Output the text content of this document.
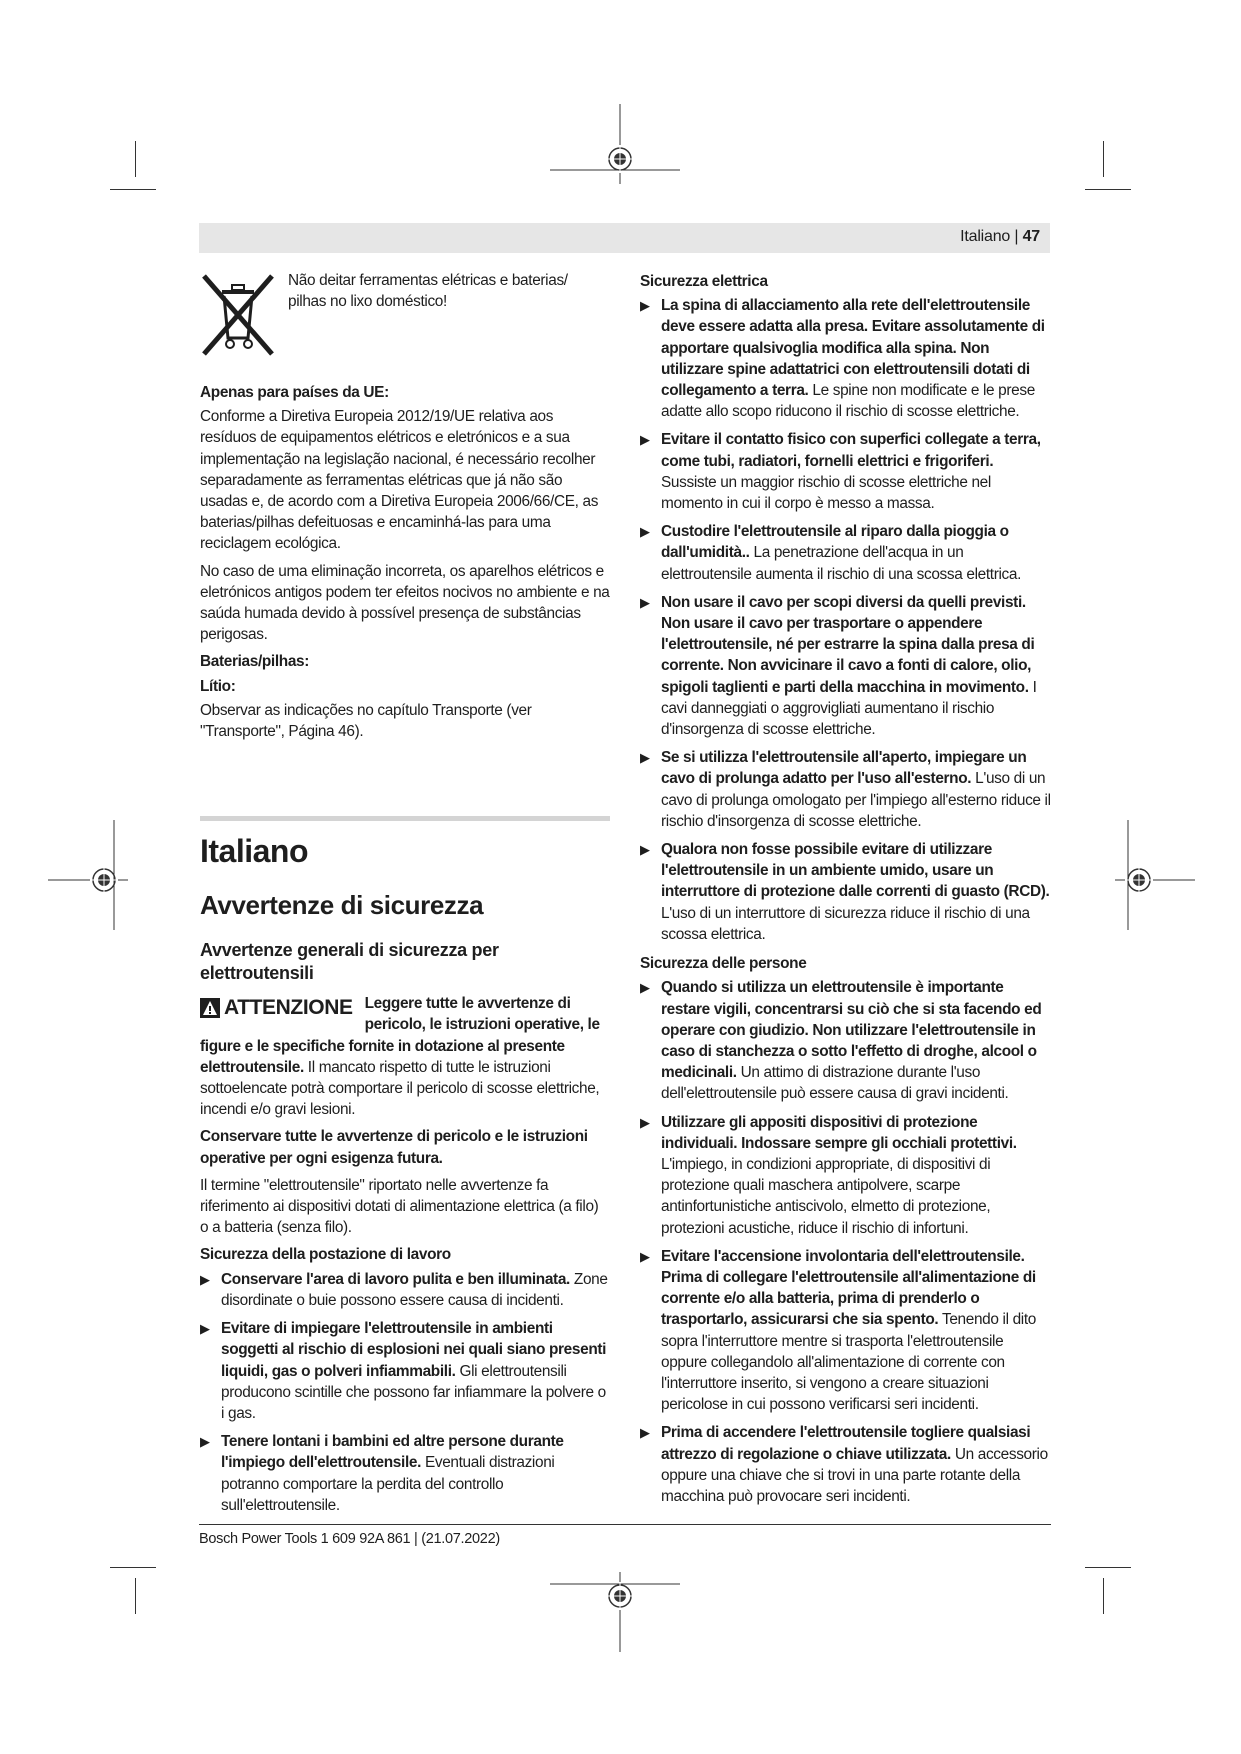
Italiano | 47
Não deitar ferramentas elétricas e baterias/ pilhas no lixo doméstico!

Apenas para países da UE:

Conforme a Diretiva Europeia 2012/19/UE relativa aos resíduos de equipamentos elétricos e eletrónicos e a sua implementação na legislação nacional, é necessário recolher separadamente as ferramentas elétricas que já não são usadas e, de acordo com a Diretiva Europeia 2006/66/CE, as baterias/pilhas defeituosas e encaminhá-las para uma reciclagem ecológica.

No caso de uma eliminação incorreta, os aparelhos elétricos e eletrónicos antigos podem ter efeitos nocivos no ambiente e na saúda humada devido à possível presença de substâncias perigosas.

Baterias/pilhas:

Lítio:

Observar as indicações no capítulo Transporte (ver "Transporte", Página 46).

Italiano
Avvertenze di sicurezza
Avvertenze generali di sicurezza per elettroutensili

ATTENZIONE Leggere tutte le avvertenze di pericolo, le istruzioni operative, le figure e le specifiche fornite in dotazione al presente elettroutensile. Il mancato rispetto di tutte le istruzioni sottoelencate potrà comportare il pericolo di scosse elettriche, incendi e/o gravi lesioni.

Conservare tutte le avvertenze di pericolo e le istruzioni operative per ogni esigenza futura.

Il termine "elettroutensile" riportato nelle avvertenze fa riferimento ai dispositivi dotati di alimentazione elettrica (a filo) o a batteria (senza filo).

Sicurezza della postazione di lavoro

▶ Conservare l'area di lavoro pulita e ben illuminata. Zone disordinate o buie possono essere causa di incidenti.
▶ Evitare di impiegare l'elettroutensile in ambienti soggetti al rischio di esplosioni nei quali siano presenti liquidi, gas o polveri infiammabili. Gli elettroutensili producono scintille che possono far infiammare la polvere o i gas.
▶ Tenere lontani i bambini ed altre persone durante l'impiego dell'elettroutensile. Eventuali distrazioni potranno comportare la perdita del controllo sull'elettroutensile.

Sicurezza elettrica

▶ La spina di allacciamento alla rete dell'elettroutensile deve essere adatta alla presa. Evitare assolutamente di apportare qualsivoglia modifica alla spina. Non utilizzare spine adattatrici con elettroutensili dotati di collegamento a terra. Le spine non modificate e le prese adatte allo scopo riducono il rischio di scosse elettriche.
▶ Evitare il contatto fisico con superfici collegate a terra, come tubi, radiatori, fornelli elettrici e frigoriferi. Sussiste un maggior rischio di scosse elettriche nel momento in cui il corpo è messo a massa.
▶ Custodire l'elettroutensile al riparo dalla pioggia o dall'umidità.. La penetrazione dell'acqua in un elettroutensile aumenta il rischio di una scossa elettrica.
▶ Non usare il cavo per scopi diversi da quelli previsti. Non usare il cavo per trasportare o appendere l'elettroutensile, né per estrarre la spina dalla presa di corrente. Non avvicinare il cavo a fonti di calore, olio, spigoli taglienti e parti della macchina in movimento. I cavi danneggiati o aggrovigliati aumentano il rischio d'insorgenza di scosse elettriche.
▶ Se si utilizza l'elettroutensile all'aperto, impiegare un cavo di prolunga adatto per l'uso all'esterno. L'uso di un cavo di prolunga omologato per l'impiego all'esterno riduce il rischio d'insorgenza di scosse elettriche.
▶ Qualora non fosse possibile evitare di utilizzare l'elettroutensile in un ambiente umido, usare un interruttore di protezione dalle correnti di guasto (RCD). L'uso di un interruttore di sicurezza riduce il rischio di una scossa elettrica.

Sicurezza delle persone

▶ Quando si utilizza un elettroutensile è importante restare vigili, concentrarsi su ciò che si sta facendo ed operare con giudizio. Non utilizzare l'elettroutensile in caso di stanchezza o sotto l'effetto di droghe, alcool o medicinali. Un attimo di distrazione durante l'uso dell'elettroutensile può essere causa di gravi incidenti.
▶ Utilizzare gli appositi dispositivi di protezione individuali. Indossare sempre gli occhiali protettivi. L'impiego, in condizioni appropriate, di dispositivi di protezione quali maschera antipolvere, scarpe antinfortunistiche antiscivolo, elmetto di protezione, protezioni acustiche, riduce il rischio di infortuni.
▶ Evitare l'accensione involontaria dell'elettroutensile. Prima di collegare l'elettroutensile all'alimentazione di corrente e/o alla batteria, prima di prenderlo o trasportarlo, assicurarsi che sia spento. Tenendo il dito sopra l'interruttore mentre si trasporta l'elettroutensile oppure collegandolo all'alimentazione di corrente con l'interruttore inserito, si vengono a creare situazioni pericolose in cui possono verificarsi seri incidenti.
▶ Prima di accendere l'elettroutensile togliere qualsiasi attrezzo di regolazione o chiave utilizzata. Un accessorio oppure una chiave che si trovi in una parte rotante della macchina può provocare seri incidenti.
Bosch Power Tools 1 609 92A 861 | (21.07.2022)
